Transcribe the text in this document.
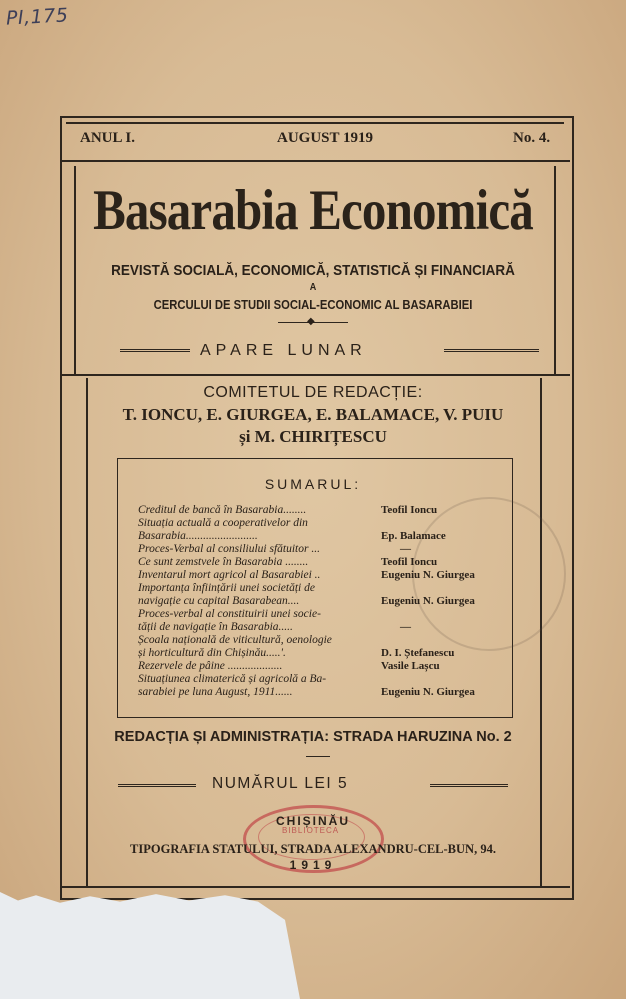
PI,175
ANUL I.	AUGUST 1919	No. 4.
Basarabia Economică
REVISTĂ SOCIALĂ, ECONOMICĂ, STATISTICĂ ȘI FINANCIARĂ
A
CERCULUI DE STUDII SOCIAL-ECONOMIC AL BASARABIEI
◆
APARE LUNAR
COMITETUL DE REDACȚIE:
T. IONCU, E. GIURGEA, E. BALAMACE, V. PUIU
și M. CHIRIȚESCU
SUMARUL:
Creditul de bancă în Basarabia........	Teofil Ioncu
Situația actuală a cooperativelor din
Basarabia.........................	Ep. Balamace
Proces-Verbal al consiliului sfătuitor ...	—
Ce sunt zemstvele în Basarabia ........	Teofil Ioncu
Inventarul mort agricol al Basarabiei ..	Eugeniu N. Giurgea
Importanța înființării unei societăți de
navigație cu capital Basarabean....	Eugeniu N. Giurgea
Proces-verbal al constituirii unei socie-
tății de navigație în Basarabia.....	—
Școala națională de viticultură, oenologie
și horticultură din Chișinău.....'.	D. I. Ștefanescu
Rezervele de pâine ...................	Vasile Lașcu
Situațiunea climaterică și agricolă a Ba-
sarabiei pe luna August, 1911......	Eugeniu N. Giurgea
REDACȚIA ȘI ADMINISTRAȚIA: STRADA HARUZINA No. 2
NUMĂRUL LEI 5
BIBLIOTECA
CHIȘINĂU
TIPOGRAFIA STATULUI, STRADA ALEXANDRU-CEL-BUN, 94.
1919
